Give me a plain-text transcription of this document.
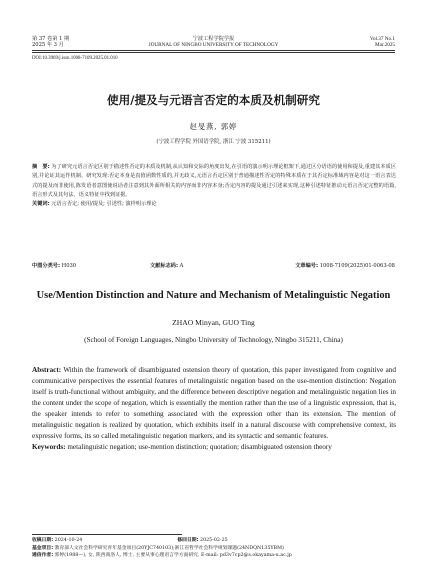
第 37 卷第 1 期
2025 年 3 月
宁波工程学院学报
JOURNAL OF NINGBO UNIVERSITY OF TECHNOLOGY
Vol.37 No.1
Mar.2025
DOI:10.3969/j.issn.1008-7109.2025.01.010
使用/提及与元语言否定的本质及机制研究
赵旻燕, 郭婷
(宁波工程学院 外国语学院, 浙江 宁波 315211)
摘　要: 为了研究元语言否定区别于描述性否定的本质及机制,从认知和交际的角度出发,在引语的演示明示理论框架下,通过区分语语的使用和提及,重建其本质区别,并论证其运作机制、研究发现:否定本身是真值函数性质的,并无歧义,元语言否定区别于普通描述性否定的特殊本质在于其否定标准域内容是对这一语言表达式的提及而非使用,陈发语者意图使说话者注意到其外面所相关的内容而非内容本身;否定内容的提及通过引述来实现,这种引述特征推动元语言否定完整的语篇,语言形式及其句法、语义特征中找到证据。
关键词: 元语言否定; 使用/提及; 引述性; 演样明示理论
中图分类号: H030	文献标志码: A	文章编号: 1008-7109(2025)01-0063-08
Use/Mention Distinction and Nature and Mechanism of Metalinguistic Negation
ZHAO Minyan, GUO Ting
(School of Foreign Languages, Ningbo University of Technology, Ningbo 315211, China)
Abstract: Within the framework of disambiguated ostension theory of quotation, this paper investigated from cognitive and communicative perspectives the essential features of metalinguistic negation based on the use-mention distinction: Negation itself is truth-functional without ambiguity, and the difference between descriptive negation and metalinguistic negation lies in the content under the scope of negation, which is essentially the mention rather than the use of a linguistic expression, that is, the speaker intends to refer to something associated with the expression other than its extension. The mention of metalinguistic negation is realized by quotation, which exhibits itself in a natural discourse with comprehensive context, its expressive forms, its so called metalinguistic negation markers, and its syntactic and semantic features.
Keywords: metalinguistic negation; use-mention distinction; quotation; disambiguated ostension theory
收稿日期: 2024-10-24	修回日期: 2025-02-25
基金项目: 教育部人文社会科学研究青年基金项目(20YJC740103);浙江省哲学社会科学规划课题(24NDQN135YBM)
通信作者: 郭婷(1988—), 女, 陕西商洛人, 博士, 主要从事心理语言学方面研究, E-mail: pd3v7cp2@s.okayama-u.ac.jp
